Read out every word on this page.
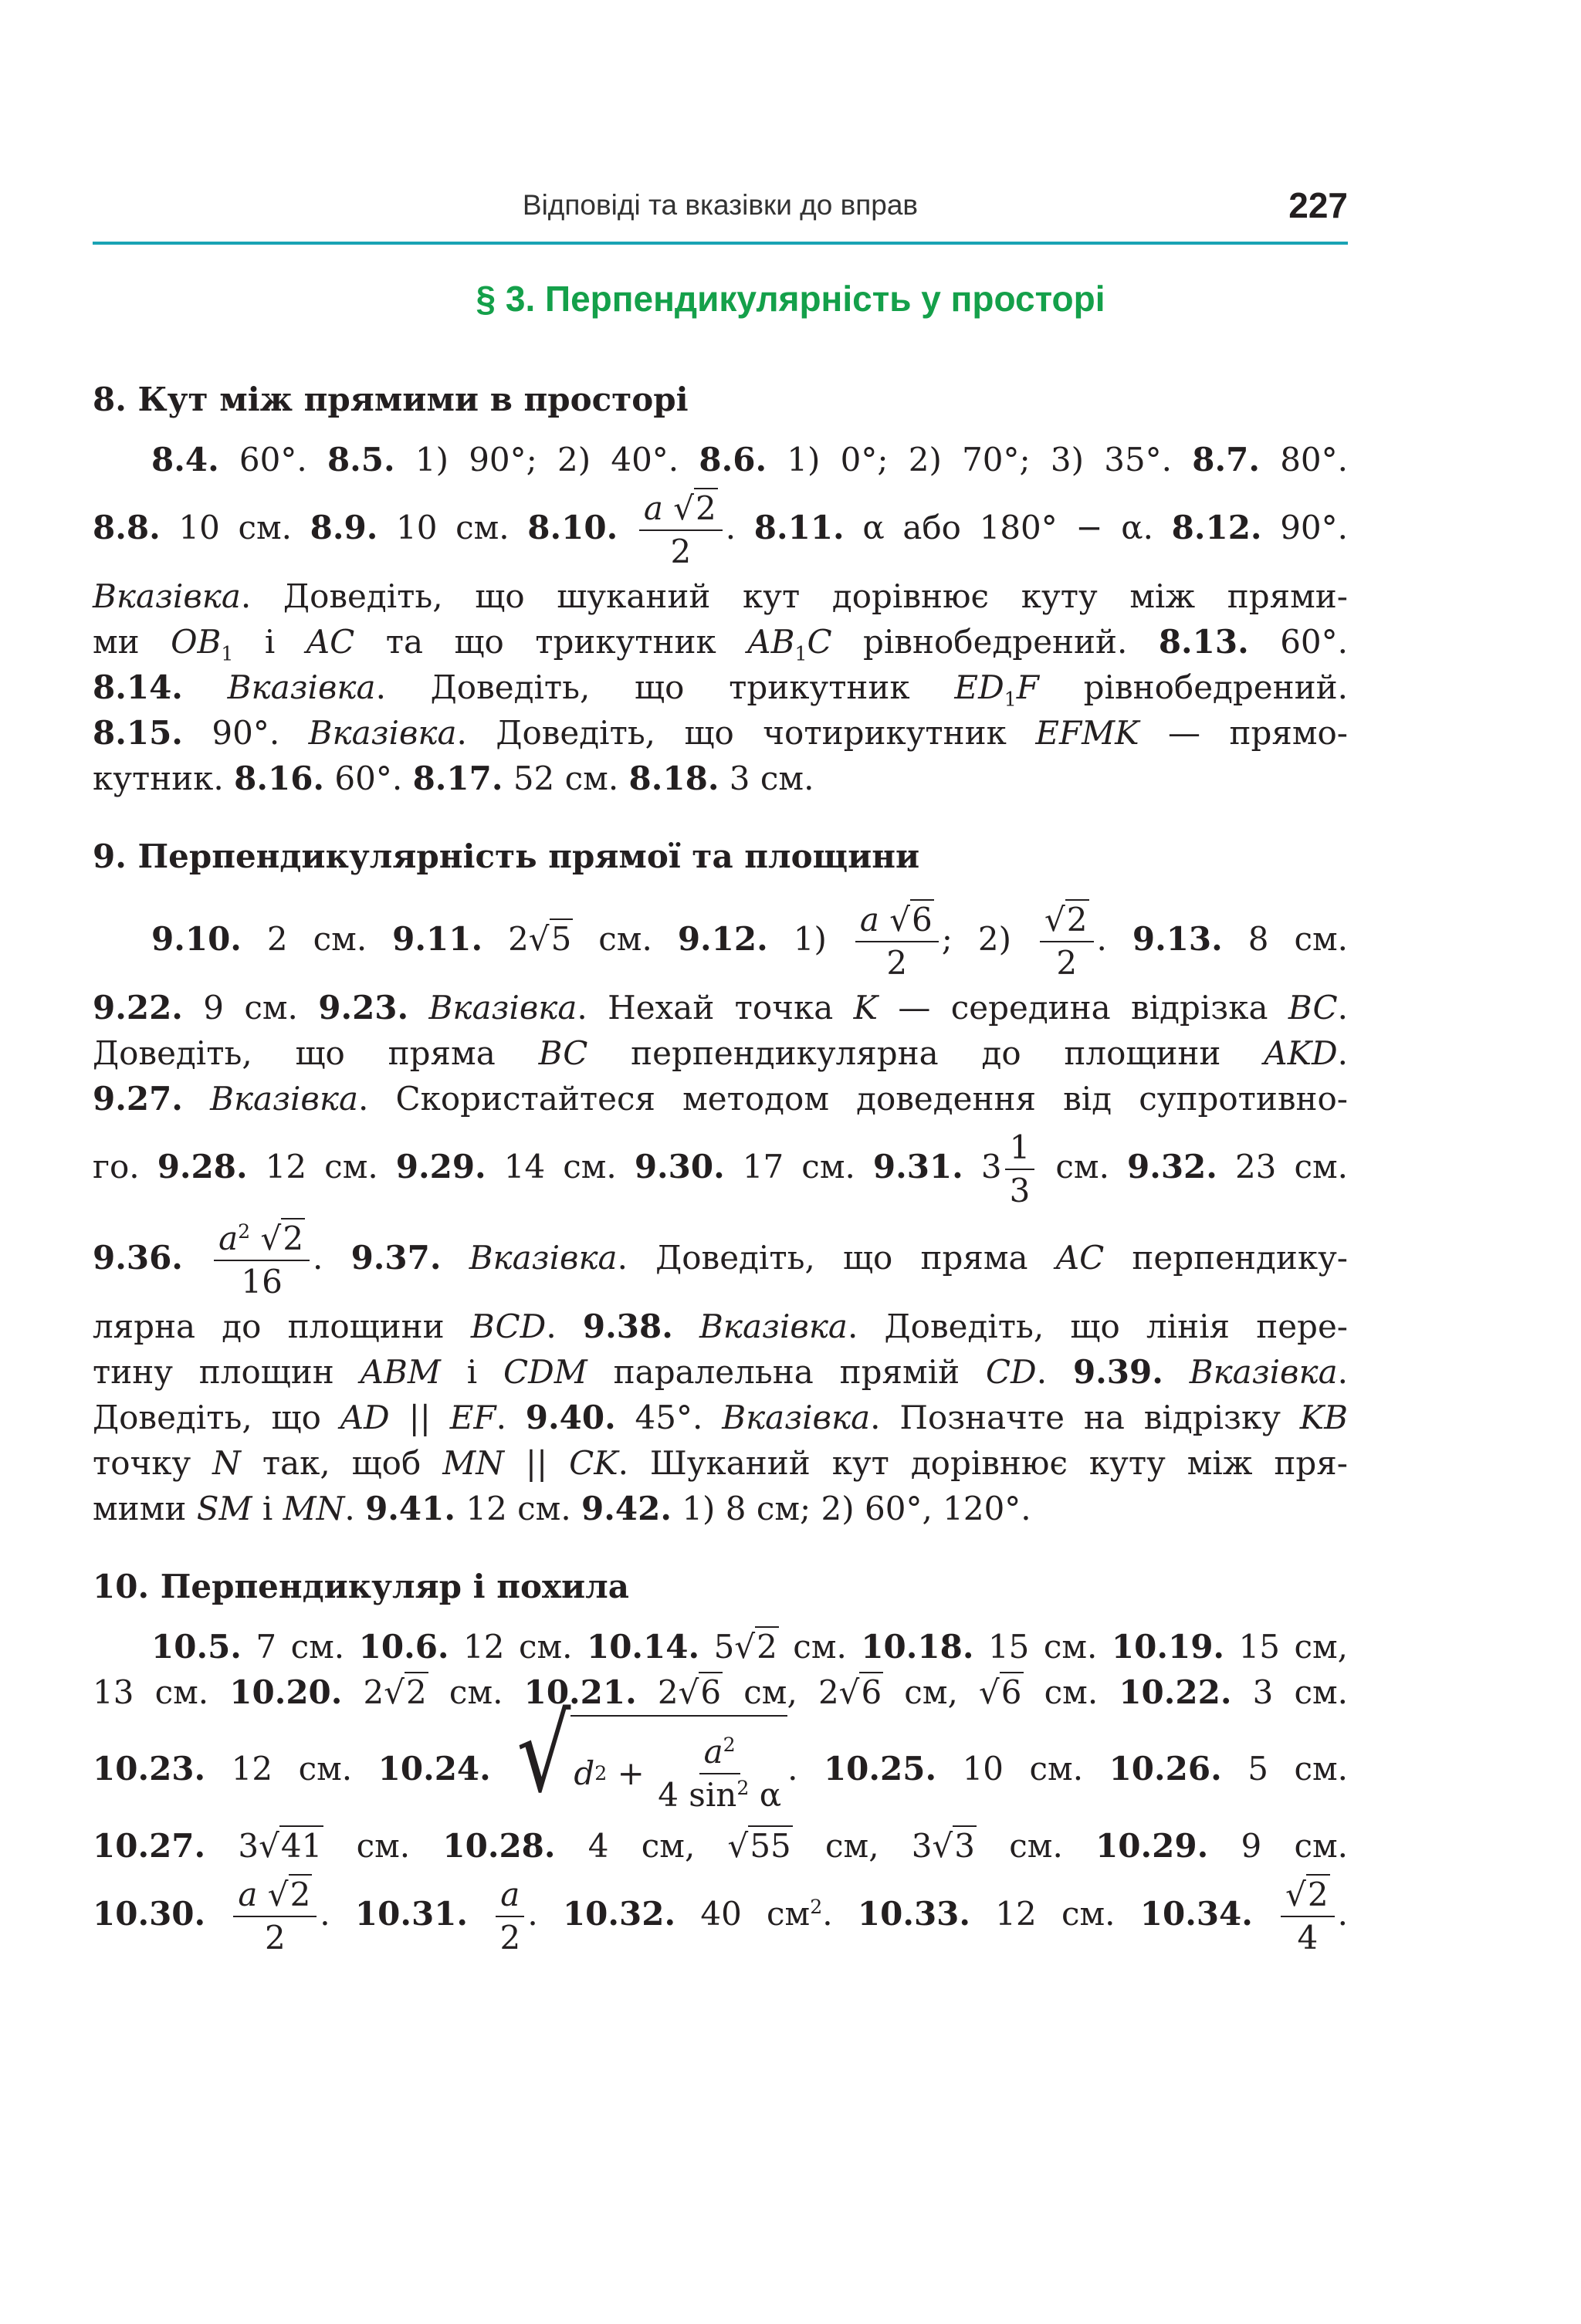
Відповіді та вказівки до вправ	227
§ 3. Перпендикулярність у просторі
8. Кут між прямими в просторі
8.4. 60°. 8.5. 1) 90°; 2) 40°. 8.6. 1) 0°; 2) 70°; 3) 35°. 8.7. 80°.
8.8. 10 см. 8.9. 10 см. 8.10. $\frac{a √2}{2}$ . 8.11. α або 180° − α. 8.12. 90°.
Вказівка. Доведіть, що шуканий кут дорівнює куту між прями-
ми $OB_1$ і AC та що трикутник $AB_1C$ рівнобедрений. 8.13. 60°.
8.14. Вказівка. Доведіть, що трикутник $ED_1F$ рівнобедрений.
8.15. 90°. Вказівка. Доведіть, що чотирикутник EFMK — прямо-
кутник. 8.16. 60°. 8.17. 52 см. 8.18. 3 см.
9. Перпендикулярність прямої та площини
9.10. 2 см. 9.11. 2√5 см. 9.12. $1) \frac{a √6}{2}$ ; $2) \frac{√2}{2}$ . 9.13. 8 см.
9.22. 9 см. 9.23. Вказівка. Нехай точка K — середина відрізка BC.
Доведіть, що пряма BC перпендикулярна до площини AKD.
9.27. Вказівка. Скористайтеся методом доведення від супротивно-
го. 9.28. 12 см. 9.29. 14 см. 9.30. 17 см. 9.31. $3 \frac{1}{3}$ см. 9.32. 23 см.
9.36. $\frac{a^2 √2}{16}$ . 9.37. Вказівка. Доведіть, що пряма AC перпендику-
лярна до площини BCD. 9.38. Вказівка. Доведіть, що лінія пере-
тину площин ABM і CDM паралельна прямій CD. 9.39. Вказівка.
Доведіть, що AD || EF. 9.40. 45°. Вказівка. Позначте на відрізку KB
точку N так, щоб MN || CK. Шуканий кут дорівнює куту між пря-
мими SM і MN. 9.41. 12 см. 9.42. 1) 8 см; 2) 60°, 120°.
10. Перпендикуляр і похила
10.5. 7 см. 10.6. 12 см. 10.14. 5√2 см. 10.18. 15 см. 10.19. 15 см,
13 см. 10.20. 2√2 см. 10.21. 2√6 см, 2√6 см, √6 см. 10.22. 3 см.
10.23. 12 см. 10.24. √ d $2 + \frac{a^2}{4 \sin^2 \alpha}$ . 10.25. 10 см. 10.26. 5 см.
10.27. 3√41 см. 10.28. 4 см, √55 см, 3√3 см. 10.29. 9 см.
10.30. $\frac{a √2}{2}$ . 10.31. $\frac{a}{2}$ . 10.32. 40 $см^2$. 10.33. 12 см. 10.34. $\frac{√2}{4}$ .
